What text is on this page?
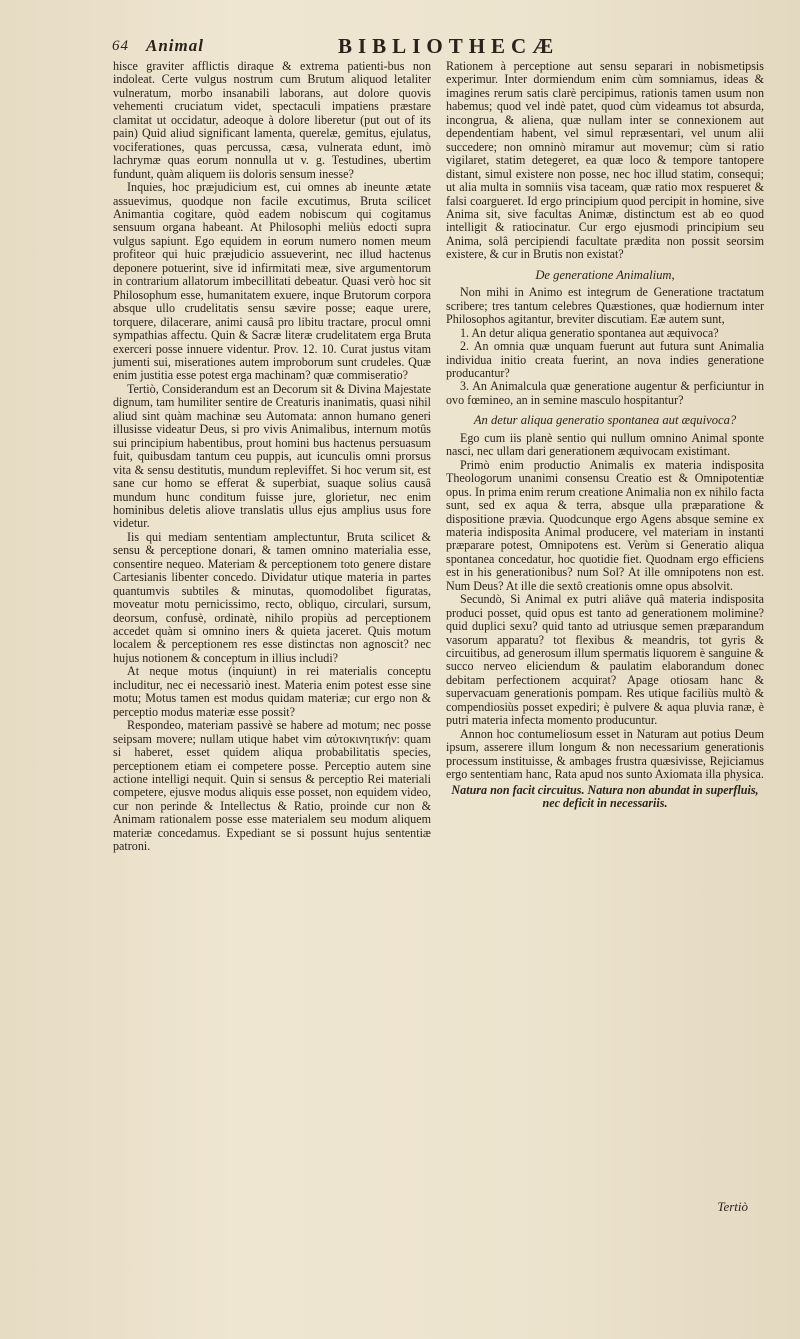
64 Animal	BIBLIOTHECÆ

hisce graviter afflictis diraque & extrema patienti-bus non indoleat. Certe vulgus nostrum cum Brutum aliquod letaliter vulneratum, morbo insanabili laborans, aut dolore quovis vehementi cruciatum videt, spectaculi impatiens præstare clamitat ut occidatur, adeoque à dolore liberetur (put out of its pain) Quid aliud significant lamenta, querelæ, gemitus, ejulatus, vociferationes, quas percussa, cæsa, vulnerata edunt, imò lachrymæ quas eorum nonnulla ut v. g. Testudines, ubertim fundunt, quàm aliquem iis doloris sensum inesse?

Inquies, hoc præjudicium est, cui omnes ab ineunte ætate assuevimus, quodque non facile excutimus, Bruta scilicet Animantia cogitare, quòd eadem nobiscum qui cogitamus sensuum organa habeant. At Philosophi meliùs edocti supra vulgus sapiunt. Ego equidem in eorum numero nomen meum profiteor qui huic præjudicio assueverint, nec illud hactenus deponere potuerint, sive id infirmitati meæ, sive argumentorum in contrarium allatorum imbecillitati debeatur. Quasi verò hoc sit Philosophum esse, humanitatem exuere, inque Brutorum corpora absque ullo crudelitatis sensu sævire posse; eaque urere, torquere, dilacerare, animi causâ pro libitu tractare, procul omni sympathias affectu. Quin & Sacræ literæ crudelitatem erga Bruta exerceri posse innuere videntur. Prov. 12. 10. Curat justus vitam jumenti sui, miserationes autem improborum sunt crudeles. Quæ enim justitia esse potest erga machinam? quæ commiseratio?

Tertiò, Considerandum est an Decorum sit & Divina Majestate dignum, tam humiliter sentire de Creaturis inanimatis, quasi nihil aliud sint quàm machinæ seu Automata: annon humano generi illusisse videatur Deus, si pro vivis Animalibus, internum motûs sui principium habentibus, prout homini bus hactenus persuasum fuit, quibusdam tantum ceu puppis, aut icunculis omni prorsus vita & sensu destitutis, mundum repleviffet. Si hoc verum sit, est sane cur homo se efferat & superbiat, suaque solius causâ mundum hunc conditum fuisse jure, glorietur, nec enim hominibus deletis aliove translatis ullus ejus amplius usus fore videtur.

Iis qui mediam sententiam amplectuntur, Bruta scilicet & sensu & perceptione donari, & tamen omnino materialia esse, consentire nequeo. Materiam & perceptionem toto genere distare Cartesianis libenter concedo. Dividatur utique materia in partes quantumvis subtiles & minutas, quomodolibet figuratas, moveatur motu pernicissimo, recto, obliquo, circulari, sursum, deorsum, confusè, ordinatè, nihilo propiùs ad perceptionem accedet quàm si omnino iners & quieta jaceret. Quis motum localem & perceptionem res esse distinctas non agnoscit? nec hujus notionem & conceptum in illius includi?

At neque motus (inquiunt) in rei materialis conceptu includitur, nec ei necessariò inest. Materia enim potest esse sine motu; Motus tamen est modus quidam materiæ; cur ergo non & perceptio modus materiæ esse possit?

Respondeo, materiam passivè se habere ad motum; nec posse seipsam movere; nullam utique habet vim αὐτοκινητικήν: quam si haberet, esset quidem aliqua probabilitatis species, perceptionem etiam ei competere posse. Perceptio autem sine actione intelligi nequit. Quin si sensus & perceptio Rei materiali competere, ejusve modus aliquis esse posset, non equidem video, cur non perinde & Intellectus & Ratio, proinde cur non & Animam rationalem posse esse materialem seu modum aliquem materiæ concedamus. Expediant se si possunt hujus sententiæ patroni.

Rationem à perceptione aut sensu separari in nobismetipsis experimur. Inter dormiendum enim cùm somniamus, ideas & imagines rerum satis clarè percipimus, rationis tamen usum non habemus; quod vel indè patet, quod cùm videamus tot absurda, incongrua, & aliena, quæ nullam inter se connexionem aut dependentiam habent, vel simul repræsentari, vel unum alii succedere; non omninò miramur aut movemur; cùm si ratio vigilaret, statim detegeret, ea quæ loco & tempore tantopere distant, simul existere non posse, nec hoc illud statim, consequi; ut alia multa in somniis visa taceam, quæ ratio mox respueret & falsi coargueret. Id ergo principium quod percipit in homine, sive Anima sit, sive facultas Animæ, distinctum est ab eo quod intelligit & ratiocinatur. Cur ergo ejusmodi principium seu Anima, solâ percipiendi facultate prædita non possit seorsim existere, & cur in Brutis non existat?

De generatione Animalium,

Non mihi in Animo est integrum de Generatione tractatum scribere; tres tantum celebres Quæstiones, quæ hodiernum inter Philosophos agitantur, breviter discutiam. Eæ autem sunt,

1. An detur aliqua generatio spontanea aut æquivoca?

2. An omnia quæ unquam fuerunt aut futura sunt Animalia individua initio creata fuerint, an nova indies generatione producantur?

3. An Animalcula quæ generatione augentur & perficiuntur in ovo fœmineo, an in semine masculo hospitantur?

An detur aliqua generatio spontanea aut æquivoca?

Ego cum iis planè sentio qui nullum omnino Animal sponte nasci, nec ullam dari generationem æquivocam existimant.

Primò enim productio Animalis ex materia indisposita Theologorum unanimi consensu Creatio est & Omnipotentiæ opus. In prima enim rerum creatione Animalia non ex nihilo facta sunt, sed ex aqua & terra, absque ulla præparatione & dispositione prævia. Quodcunque ergo Agens absque semine ex materia indisposita Animal producere, vel materiam in instanti præparare potest, Omnipotens est. Verùm si Generatio aliqua spontanea concedatur, hoc quotidie fiet. Quodnam ergo efficiens est in his generationibus? num Sol? At ille omnipotens non est. Num Deus? At ille die sextô creationis omne opus absolvit.

Secundò, Si Animal ex putri aliâve quâ materia indisposita produci posset, quid opus est tanto ad generationem molimine? quid duplici sexu? quid tanto ad utriusque semen præparandum vasorum apparatu? tot flexibus & meandris, tot gyris & circuitibus, ad generosum illum spermatis liquorem è sanguine & succo nerveo eliciendum & paulatim elaborandum donec debitam perfectionem acquirat? Apage otiosam hanc & supervacuam generationis pompam. Res utique faciliùs multò & compendiosiùs posset expediri; è pulvere & aqua pluvia ranæ, è putri materia infecta momento producuntur.

Annon hoc contumeliosum esset in Naturam aut potius Deum ipsum, asserere illum longum & non necessarium generationis processum instituisse, & ambages frustra quæsivisse, Rejiciamus ergo sententiam hanc, Rata apud nos sunto Axiomata illa physica.

Natura non facit circuitus. Natura non abundat in superfluis, nec deficit in necessariis.
Tertiò
